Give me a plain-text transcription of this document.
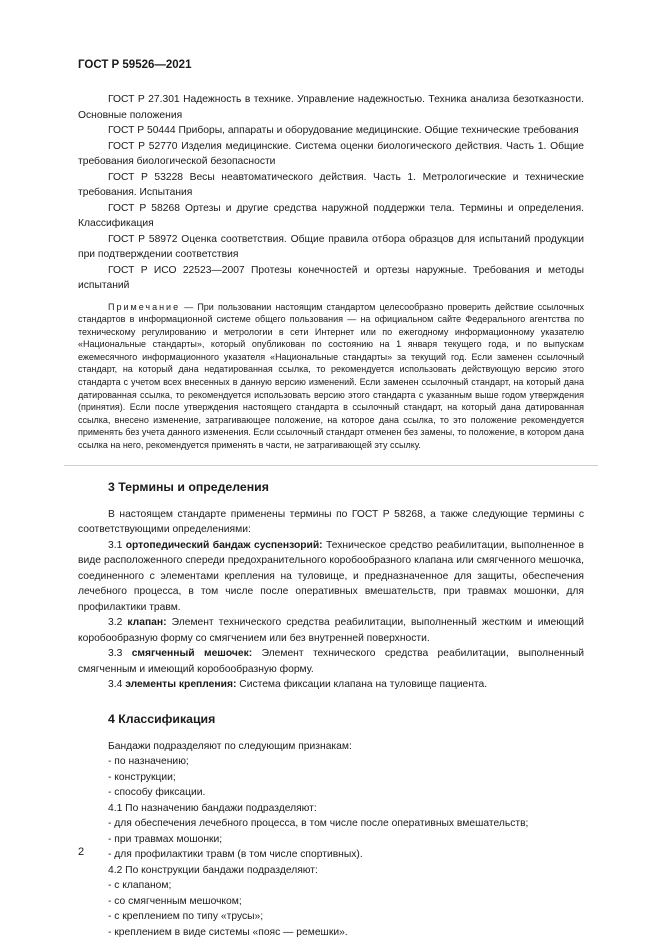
ГОСТ Р 59526—2021

ГОСТ Р 27.301 Надежность в технике. Управление надежностью. Техника анализа безотказности. Основные положения

ГОСТ Р 50444 Приборы, аппараты и оборудование медицинские. Общие технические требования

ГОСТ Р 52770 Изделия медицинские. Система оценки биологического действия. Часть 1. Общие требования биологической безопасности

ГОСТ Р 53228 Весы неавтоматического действия. Часть 1. Метрологические и технические требования. Испытания

ГОСТ Р 58268 Ортезы и другие средства наружной поддержки тела. Термины и определения. Классификация

ГОСТ Р 58972 Оценка соответствия. Общие правила отбора образцов для испытаний продукции при подтверждении соответствия

ГОСТ Р ИСО 22523—2007 Протезы конечностей и ортезы наружные. Требования и методы испытаний

Примечание — При пользовании настоящим стандартом целесообразно проверить действие ссылочных стандартов в информационной системе общего пользования — на официальном сайте Федерального агентства по техническому регулированию и метрологии в сети Интернет или по ежегодному информационному указателю «Национальные стандарты», который опубликован по состоянию на 1 января текущего года, и по выпускам ежемесячного информационного указателя «Национальные стандарты» за текущий год. Если заменен ссылочный стандарт, на который дана недатированная ссылка, то рекомендуется использовать действующую версию этого стандарта с учетом всех внесенных в данную версию изменений. Если заменен ссылочный стандарт, на который дана датированная ссылка, то рекомендуется использовать версию этого стандарта с указанным выше годом утверждения (принятия). Если после утверждения настоящего стандарта в ссылочный стандарт, на который дана датированная ссылка, внесено изменение, затрагивающее положение, на которое дана ссылка, то это положение рекомендуется применять без учета данного изменения. Если ссылочный стандарт отменен без замены, то положение, в котором дана ссылка на него, рекомендуется применять в части, не затрагивающей эту ссылку.

3 Термины и определения

В настоящем стандарте применены термины по ГОСТ Р 58268, а также следующие термины с соответствующими определениями:

3.1 ортопедический бандаж суспензорий: Техническое средство реабилитации, выполненное в виде расположенного спереди предохранительного коробообразного клапана или смягченного мешочка, соединенного с элементами крепления на туловище, и предназначенное для защиты, обеспечения лечебного процесса, в том числе после оперативных вмешательств, при травмах мошонки, для профилактики травм.

3.2 клапан: Элемент технического средства реабилитации, выполненный жестким и имеющий коробообразную форму со смягчением или без внутренней поверхности.

3.3 смягченный мешочек: Элемент технического средства реабилитации, выполненный смягченным и имеющий коробообразную форму.

3.4 элементы крепления: Система фиксации клапана на туловище пациента.

4 Классификация

Бандажи подразделяют по следующим признакам:

- по назначению;

- конструкции;

- способу фиксации.

4.1 По назначению бандажи подразделяют:

- для обеспечения лечебного процесса, в том числе после оперативных вмешательств;

- при травмах мошонки;

- для профилактики травм (в том числе спортивных).

4.2 По конструкции бандажи подразделяют:

- с клапаном;

- со смягченным мешочком;

- с креплением по типу «трусы»;

- креплением в виде системы «пояс — ремешки».

2
